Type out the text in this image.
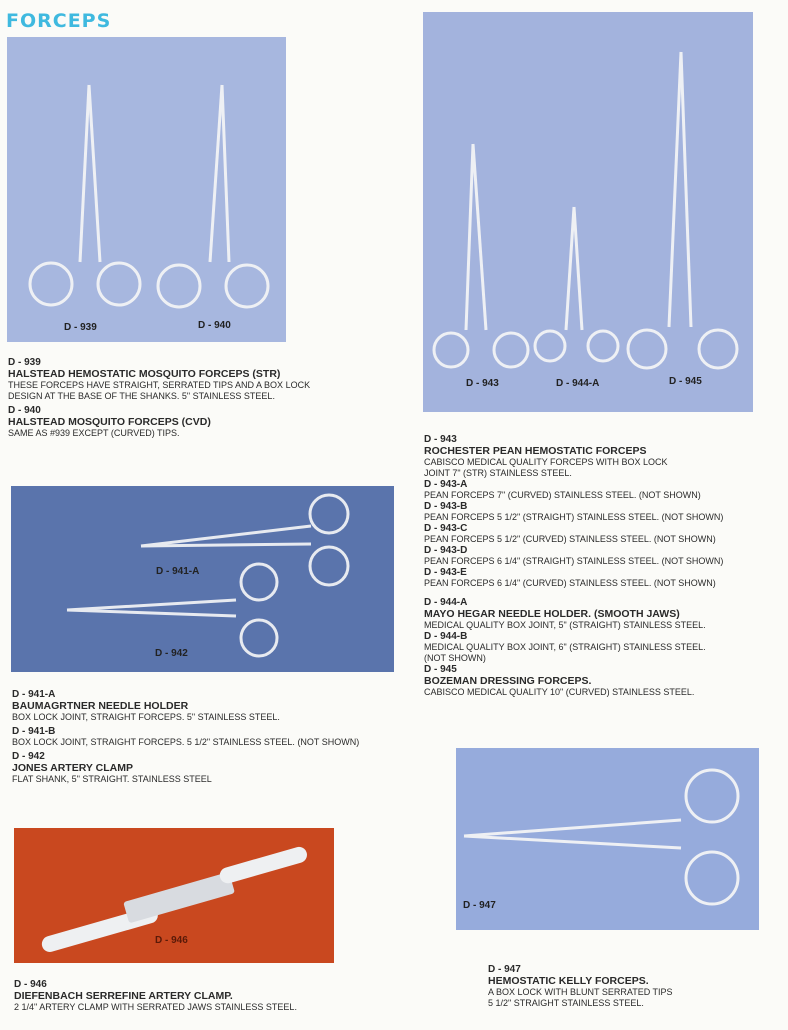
FORCEPS
D - 939	D - 940
D - 943	D - 944-A	D - 945
D - 939
HALSTEAD HEMOSTATIC MOSQUITO FORCEPS (STR)
THESE FORCEPS HAVE STRAIGHT, SERRATED TIPS AND A BOX LOCK
DESIGN AT THE BASE OF THE SHANKS. 5" STAINLESS STEEL.
D - 940
HALSTEAD MOSQUITO FORCEPS (CVD)
SAME AS #939 EXCEPT (CURVED) TIPS.
D - 943
ROCHESTER PEAN HEMOSTATIC FORCEPS
CABISCO MEDICAL QUALITY FORCEPS WITH BOX LOCK
JOINT 7" (STR) STAINLESS STEEL.
D - 943-A
PEAN FORCEPS 7" (CURVED) STAINLESS STEEL. (NOT SHOWN)
D - 943-B
PEAN FORCEPS 5 1/2" (STRAIGHT) STAINLESS STEEL. (NOT SHOWN)
D - 943-C
PEAN FORCEPS 5 1/2" (CURVED) STAINLESS STEEL. (NOT SHOWN)
D - 943-D
PEAN FORCEPS 6 1/4" (STRAIGHT) STAINLESS STEEL. (NOT SHOWN)
D - 943-E
PEAN FORCEPS 6 1/4" (CURVED) STAINLESS STEEL. (NOT SHOWN)
D - 944-A
MAYO HEGAR NEEDLE HOLDER. (SMOOTH JAWS)
MEDICAL QUALITY BOX JOINT, 5" (STRAIGHT) STAINLESS STEEL.
D - 944-B
MEDICAL QUALITY BOX JOINT, 6" (STRAIGHT) STAINLESS STEEL.
(NOT SHOWN)
D - 945
BOZEMAN DRESSING FORCEPS.
CABISCO MEDICAL QUALITY 10" (CURVED) STAINLESS STEEL.
D - 941-A
D - 942
D - 941-A
BAUMAGRTNER NEEDLE HOLDER
BOX LOCK JOINT, STRAIGHT FORCEPS. 5" STAINLESS STEEL.
D - 941-B
BOX LOCK JOINT, STRAIGHT FORCEPS. 5 1/2" STAINLESS STEEL. (NOT SHOWN)
D - 942
JONES ARTERY CLAMP
FLAT SHANK, 5" STRAIGHT. STAINLESS STEEL
D - 946
D - 946
DIEFENBACH SERREFINE ARTERY CLAMP.
2 1/4" ARTERY CLAMP WITH SERRATED JAWS STAINLESS STEEL.
D - 947
D - 947
HEMOSTATIC KELLY FORCEPS.
A BOX LOCK WITH BLUNT SERRATED TIPS
5 1/2" STRAIGHT STAINLESS STEEL.
